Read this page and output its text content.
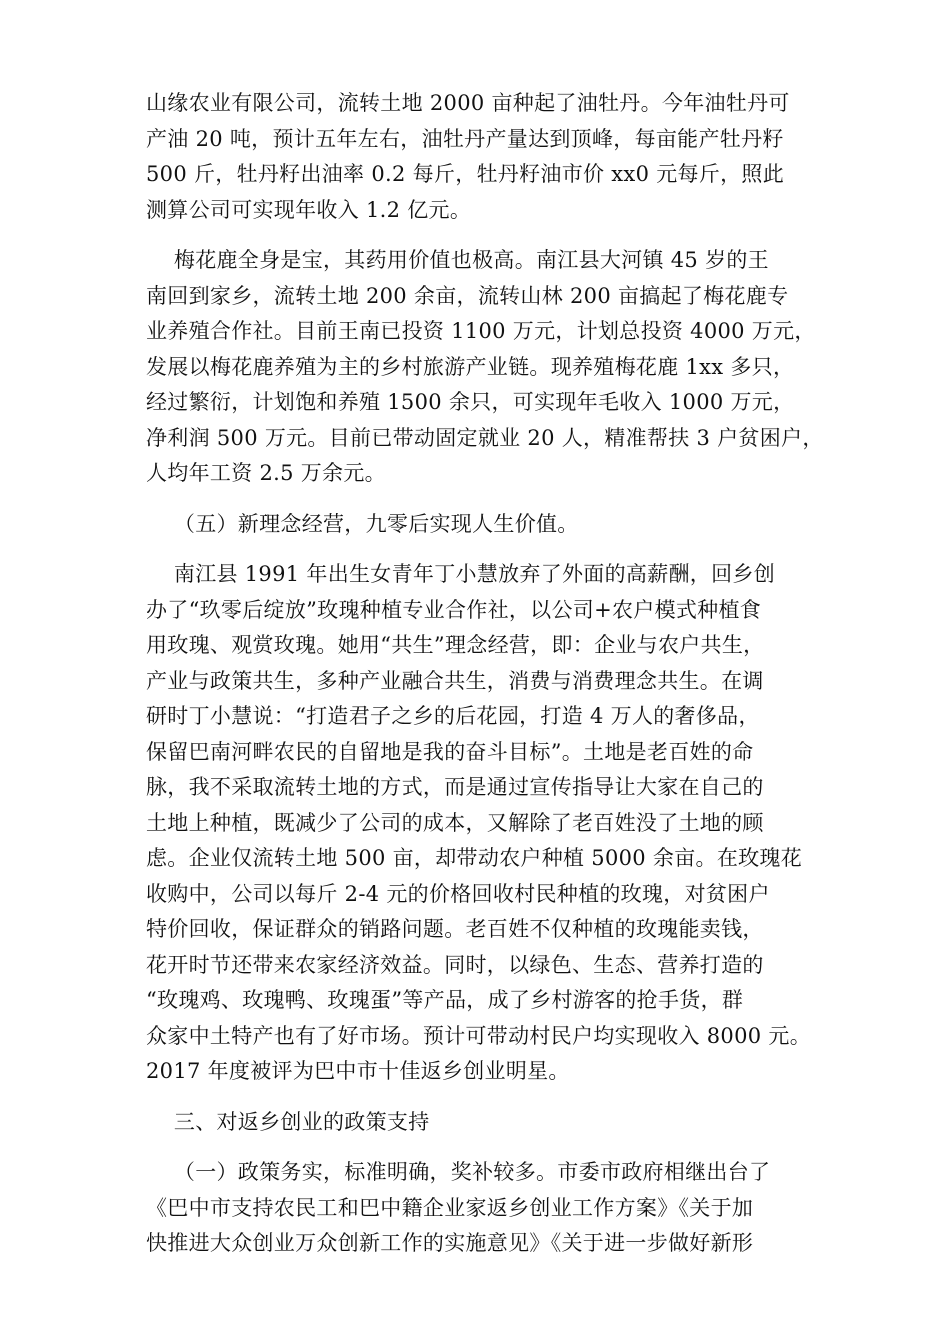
山缘农业有限公司，流转土地 2000 亩种起了油牡丹。今年油牡丹可
产油 20 吨，预计五年左右，油牡丹产量达到顶峰，每亩能产牡丹籽
500 斤，牡丹籽出油率 0.2 每斤，牡丹籽油市价 xx0 元每斤，照此
测算公司可实现年收入 1.2 亿元。

梅花鹿全身是宝，其药用价值也极高。南江县大河镇 45 岁的王
南回到家乡，流转土地 200 余亩，流转山林 200 亩搞起了梅花鹿专
业养殖合作社。目前王南已投资 1100 万元，计划总投资 4000 万元，
发展以梅花鹿养殖为主的乡村旅游产业链。现养殖梅花鹿 1xx 多只，
经过繁衍，计划饱和养殖 1500 余只，可实现年毛收入 1000 万元，
净利润 500 万元。目前已带动固定就业 20 人，精准帮扶 3 户贫困户，
人均年工资 2.5 万余元。

（五）新理念经营，九零后实现人生价值。

南江县 1991 年出生女青年丁小慧放弃了外面的高薪酬，回乡创
办了“玖零后绽放”玫瑰种植专业合作社，以公司+农户模式种植食
用玫瑰、观赏玫瑰。她用“共生”理念经营，即：企业与农户共生，
产业与政策共生，多种产业融合共生，消费与消费理念共生。在调
研时丁小慧说：“打造君子之乡的后花园，打造 4 万人的奢侈品，
保留巴南河畔农民的自留地是我的奋斗目标”。土地是老百姓的命
脉，我不采取流转土地的方式，而是通过宣传指导让大家在自己的
土地上种植，既减少了公司的成本，又解除了老百姓没了土地的顾
虑。企业仅流转土地 500 亩，却带动农户种植 5000 余亩。在玫瑰花
收购中，公司以每斤 2-4 元的价格回收村民种植的玫瑰，对贫困户
特价回收，保证群众的销路问题。老百姓不仅种植的玫瑰能卖钱，
花开时节还带来农家经济效益。同时，以绿色、生态、营养打造的
“玫瑰鸡、玫瑰鸭、玫瑰蛋”等产品，成了乡村游客的抢手货，群
众家中土特产也有了好市场。预计可带动村民户均实现收入 8000 元。
2017 年度被评为巴中市十佳返乡创业明星。

三、对返乡创业的政策支持

（一）政策务实，标准明确，奖补较多。市委市政府相继出台了
《巴中市支持农民工和巴中籍企业家返乡创业工作方案》《关于加
快推进大众创业万众创新工作的实施意见》《关于进一步做好新形
